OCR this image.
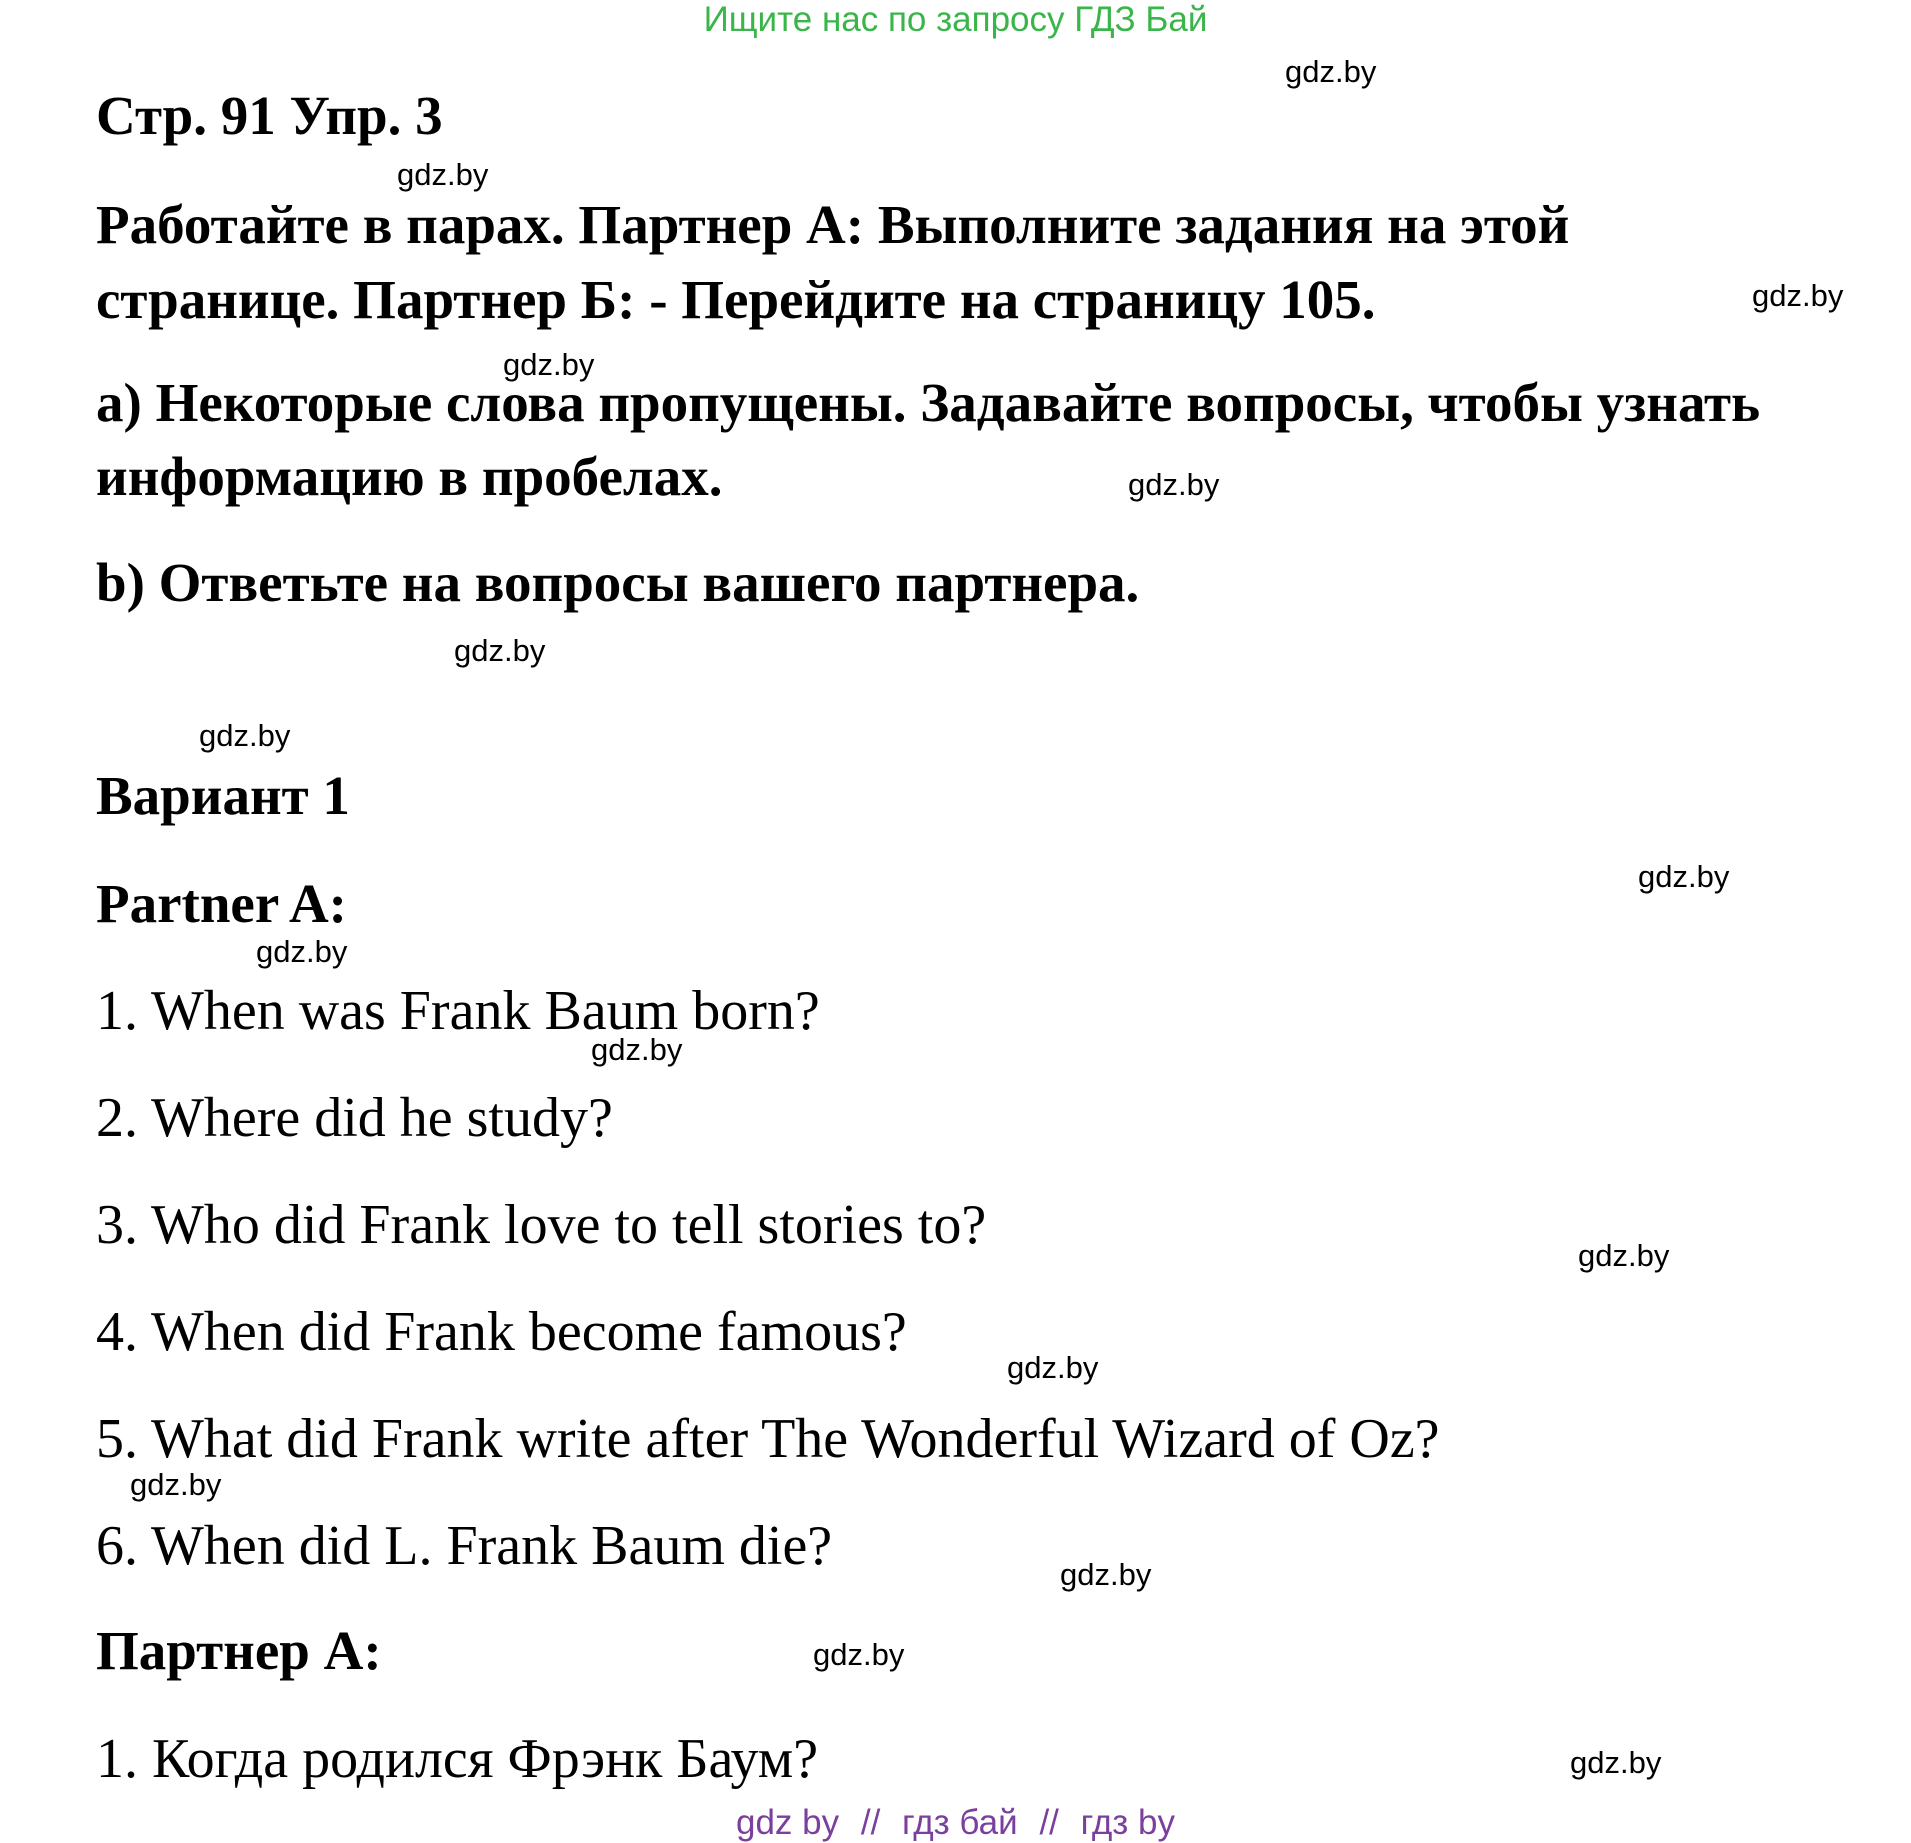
Ищите нас по запросу ГДЗ Бай
Стр. 91 Упр. 3
Работайте в парах. Партнер А: Выполните задания на этой
странице. Партнер Б: - Перейдите на страницу 105.
a) Некоторые слова пропущены. Задавайте вопросы, чтобы узнать
информацию в пробелах.
b) Ответьте на вопросы вашего партнера.
Вариант 1
Partner A:
1. When was Frank Baum born?
2. Where did he study?
3. Who did Frank love to tell stories to?
4. When did Frank become famous?
5. What did Frank write after The Wonderful Wizard of Oz?
6. When did L. Frank Baum die?
Партнер А:
1. Когда родился Фрэнк Баум?
gdz.by
gdz.by
gdz.by
gdz.by
gdz.by
gdz.by
gdz.by
gdz.by
gdz.by
gdz.by
gdz.by
gdz.by
gdz.by
gdz.by
gdz.by
gdz.by
gdz by // гдз бай // гдз by
